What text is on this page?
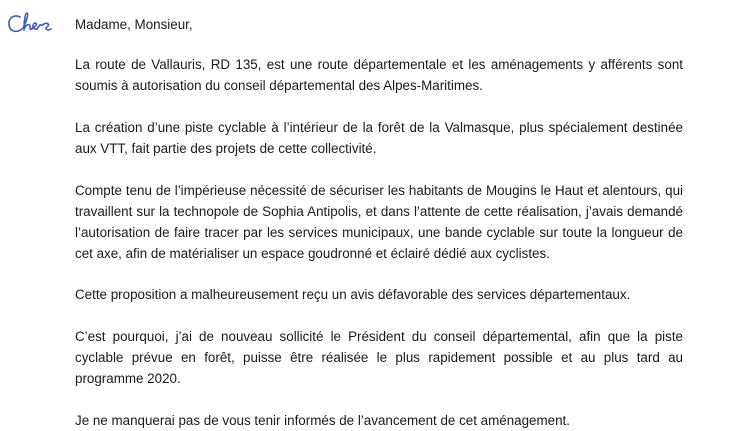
Madame, Monsieur,

La route de Vallauris, RD 135, est une route départementale et les aménagements y afférents sont soumis à autorisation du conseil départemental des Alpes-Maritimes.

La création d’une piste cyclable à l’intérieur de la forêt de la Valmasque, plus spécialement destinée aux VTT, fait partie des projets de cette collectivité.

Compte tenu de l’impérieuse nécessité de sécuriser les habitants de Mougins le Haut et alentours, qui travaillent sur la technopole de Sophia Antipolis, et dans l’attente de cette réalisation, j’avais demandé l’autorisation de faire tracer par les services municipaux, une bande cyclable sur toute la longueur de cet axe, afin de matérialiser un espace goudronné et éclairé dédié aux cyclistes.

Cette proposition a malheureusement reçu un avis défavorable des services départementaux.

C’est pourquoi, j’ai de nouveau sollicité le Président du conseil départemental, afin que la piste cyclable prévue en forêt, puisse être réalisée le plus rapidement possible et au plus tard au programme 2020.

Je ne manquerai pas de vous tenir informés de l’avancement de cet aménagement.
